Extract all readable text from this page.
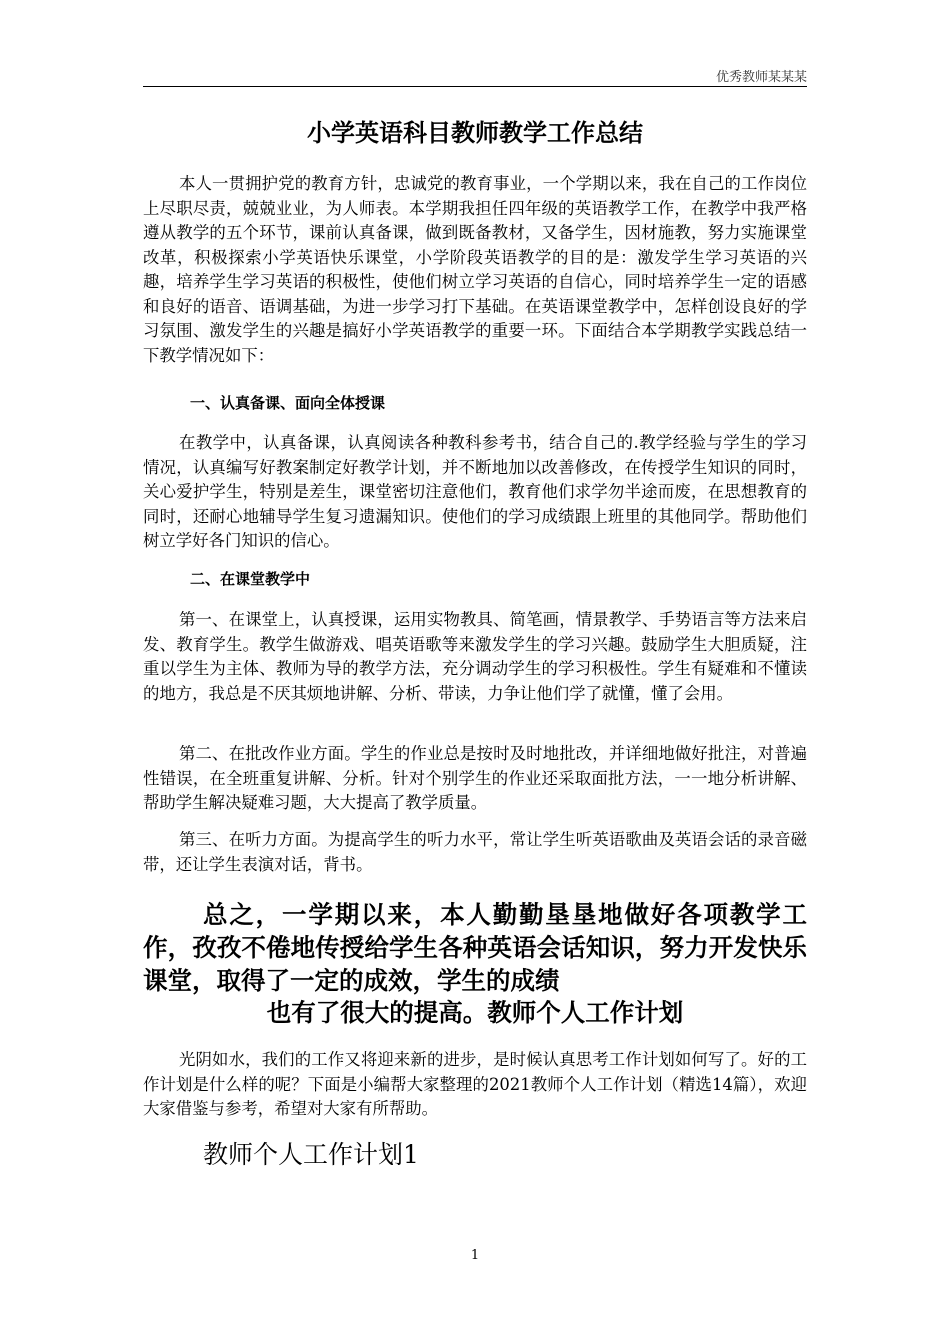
优秀教师某某某
小学英语科目教师教学工作总结

本人一贯拥护党的教育方针，忠诚党的教育事业，一个学期以来，我在自己的工作岗位上尽职尽责，兢兢业业，为人师表。本学期我担任四年级的英语教学工作，在教学中我严格遵从教学的五个环节，课前认真备课，做到既备教材，又备学生，因材施教，努力实施课堂改革，积极探索小学英语快乐课堂，小学阶段英语教学的目的是：激发学生学习英语的兴趣，培养学生学习英语的积极性，使他们树立学习英语的自信心，同时培养学生一定的语感和良好的语音、语调基础，为进一步学习打下基础。在英语课堂教学中，怎样创设良好的学习氛围、激发学生的兴趣是搞好小学英语教学的重要一环。下面结合本学期教学实践总结一下教学情况如下：

一、认真备课、面向全体授课

在教学中，认真备课，认真阅读各种教科参考书，结合自己的.教学经验与学生的学习情况，认真编写好教案制定好教学计划，并不断地加以改善修改，在传授学生知识的同时，关心爱护学生，特别是差生，课堂密切注意他们，教育他们求学勿半途而废，在思想教育的同时，还耐心地辅导学生复习遗漏知识。使他们的学习成绩跟上班里的其他同学。帮助他们树立学好各门知识的信心。

二、在课堂教学中

第一、在课堂上，认真授课，运用实物教具、简笔画，情景教学、手势语言等方法来启发、教育学生。教学生做游戏、唱英语歌等来激发学生的学习兴趣。鼓励学生大胆质疑，注重以学生为主体、教师为导的教学方法，充分调动学生的学习积极性。学生有疑难和不懂读的地方，我总是不厌其烦地讲解、分析、带读，力争让他们学了就懂，懂了会用。

第二、在批改作业方面。学生的作业总是按时及时地批改，并详细地做好批注，对普遍性错误，在全班重复讲解、分析。针对个别学生的作业还采取面批方法，一一地分析讲解、帮助学生解决疑难习题，大大提高了教学质量。

第三、在听力方面。为提高学生的听力水平，常让学生听英语歌曲及英语会话的录音磁带，还让学生表演对话，背书。

总之，一学期以来，本人勤勤垦垦地做好各项教学工作，孜孜不倦地传授给学生各种英语会话知识，努力开发快乐课堂，取得了一定的成效，学生的成绩

也有了很大的提高。教师个人工作计划

光阴如水，我们的工作又将迎来新的进步，是时候认真思考工作计划如何写了。好的工作计划是什么样的呢？下面是小编帮大家整理的2021教师个人工作计划（精选14篇），欢迎大家借鉴与参考，希望对大家有所帮助。

教师个人工作计划1

1
